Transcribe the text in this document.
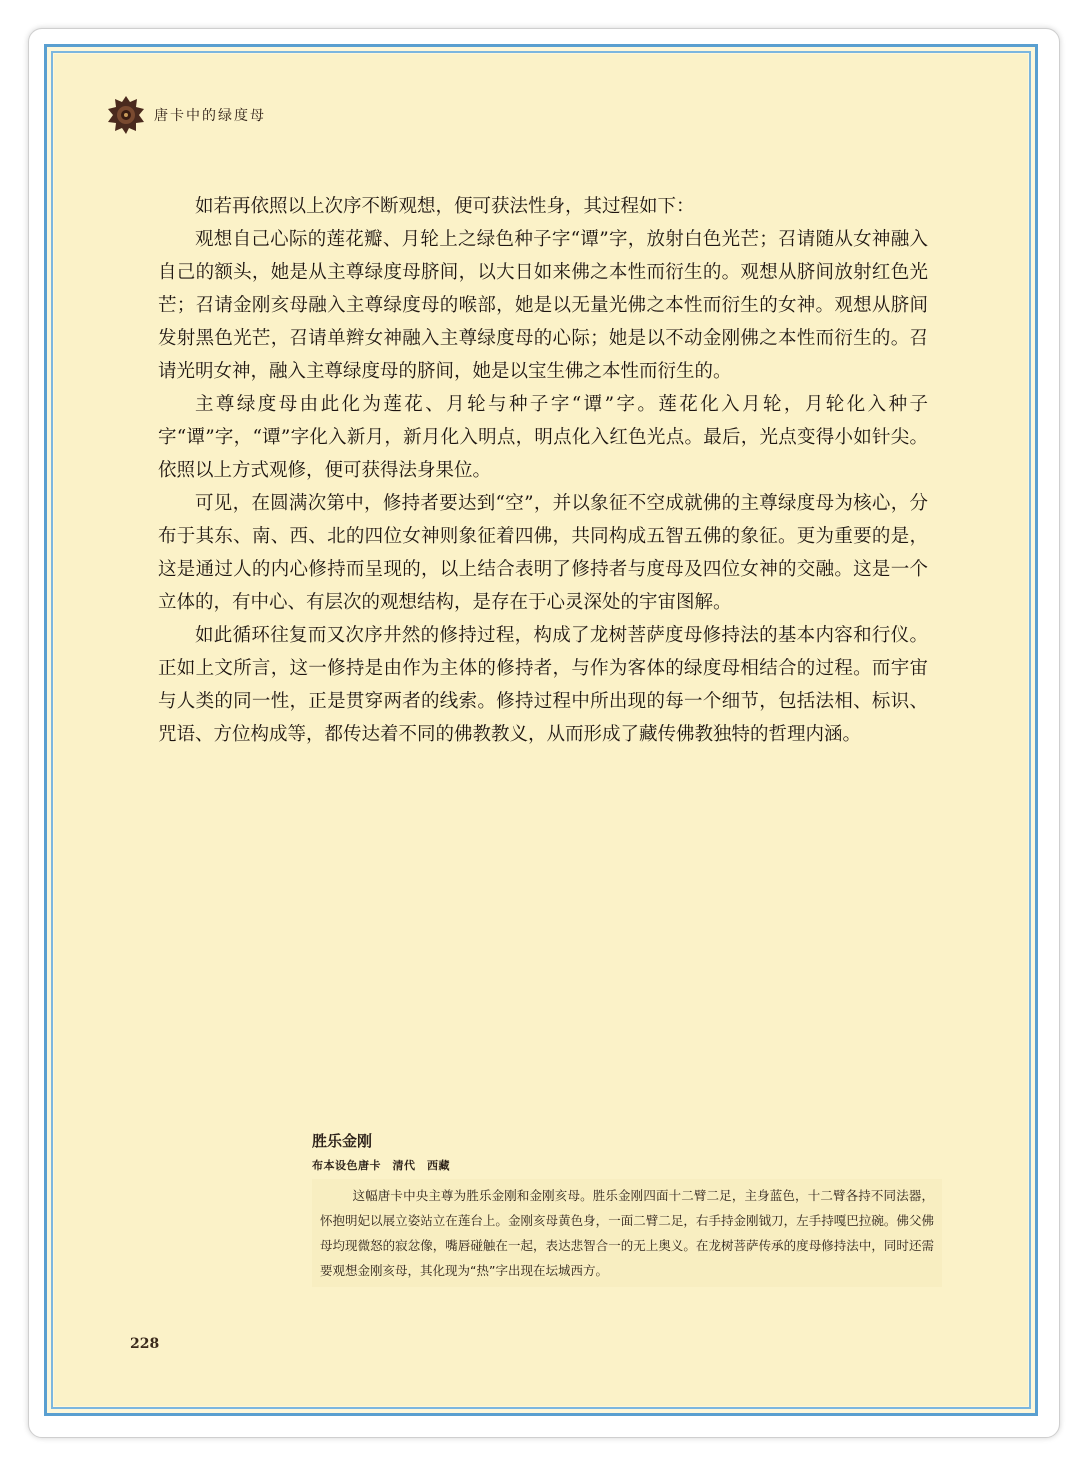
唐卡中的绿度母

如若再依照以上次序不断观想，便可获法性身，其过程如下：

观想自己心际的莲花瓣、月轮上之绿色种子字“谭”字，放射白色光芒；召请随从女神融入自己的额头，她是从主尊绿度母脐间，以大日如来佛之本性而衍生的。观想从脐间放射红色光芒；召请金刚亥母融入主尊绿度母的喉部，她是以无量光佛之本性而衍生的女神。观想从脐间发射黑色光芒，召请单辫女神融入主尊绿度母的心际；她是以不动金刚佛之本性而衍生的。召请光明女神，融入主尊绿度母的脐间，她是以宝生佛之本性而衍生的。

主尊绿度母由此化为莲花、月轮与种子字“谭”字。莲花化入月轮，月轮化入种子字“谭”字，“谭”字化入新月，新月化入明点，明点化入红色光点。最后，光点变得小如针尖。依照以上方式观修，便可获得法身果位。

可见，在圆满次第中，修持者要达到“空”，并以象征不空成就佛的主尊绿度母为核心，分布于其东、南、西、北的四位女神则象征着四佛，共同构成五智五佛的象征。更为重要的是，这是通过人的内心修持而呈现的，以上结合表明了修持者与度母及四位女神的交融。这是一个立体的，有中心、有层次的观想结构，是存在于心灵深处的宇宙图解。

如此循环往复而又次序井然的修持过程，构成了龙树菩萨度母修持法的基本内容和行仪。正如上文所言，这一修持是由作为主体的修持者，与作为客体的绿度母相结合的过程。而宇宙与人类的同一性，正是贯穿两者的线索。修持过程中所出现的每一个细节，包括法相、标识、咒语、方位构成等，都传达着不同的佛教教义，从而形成了藏传佛教独特的哲理内涵。

胜乐金刚
布本设色唐卡　清代　西藏
这幅唐卡中央主尊为胜乐金刚和金刚亥母。胜乐金刚四面十二臂二足，主身蓝色，十二臂各持不同法器，怀抱明妃以展立姿站立在莲台上。金刚亥母黄色身，一面二臂二足，右手持金刚钺刀，左手持嘎巴拉碗。佛父佛母均现微怒的寂忿像，嘴唇碰触在一起，表达悲智合一的无上奥义。在龙树菩萨传承的度母修持法中，同时还需要观想金刚亥母，其化现为“热”字出现在坛城西方。
228
